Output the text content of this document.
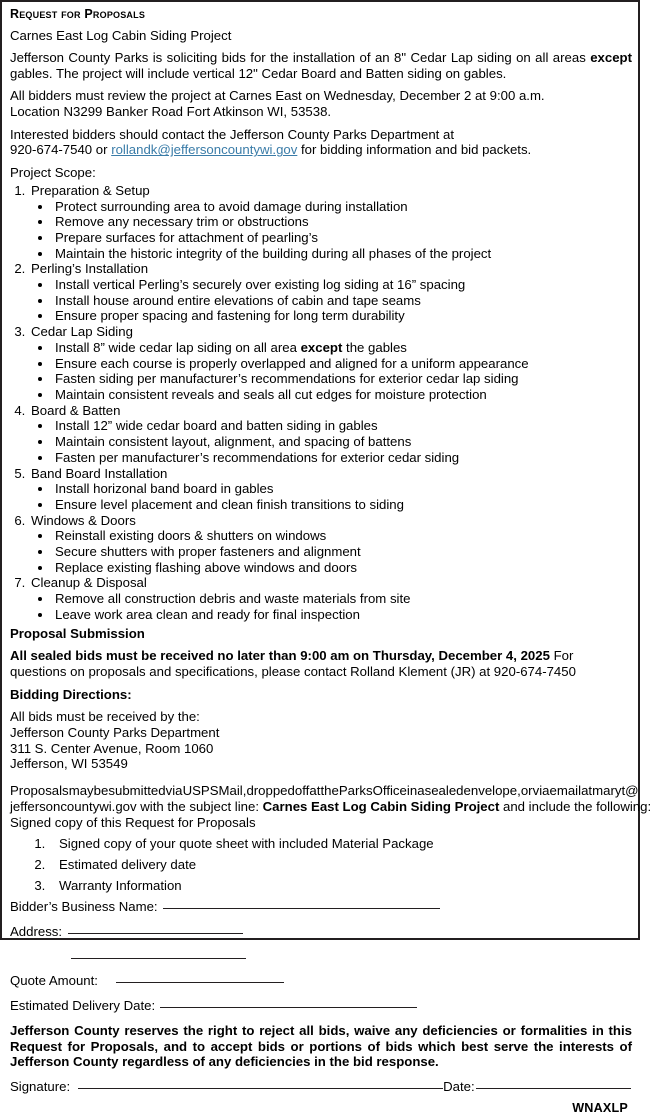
Request for Proposals
Carnes East Log Cabin Siding Project

Jefferson County Parks is soliciting bids for the installation of an 8" Cedar Lap siding on all areas except gables. The project will include vertical 12" Cedar Board and Batten siding on gables.

All bidders must review the project at Carnes East on Wednesday, December 2 at 9:00 a.m.
Location N3299 Banker Road Fort Atkinson WI, 53538.

Interested bidders should contact the Jefferson County Parks Department at
920-674-7540 or rollandk@jeffersoncountywi.gov for bidding information and bid packets.

Project Scope:
1. Preparation & Setup
• Protect surrounding area to avoid damage during installation
• Remove any necessary trim or obstructions
• Prepare surfaces for attachment of pearling’s
• Maintain the historic integrity of the building during all phases of the project
2. Perling’s Installation
• Install vertical Perling’s securely over existing log siding at 16” spacing
• Install house around entire elevations of cabin and tape seams
• Ensure proper spacing and fastening for long term durability
3. Cedar Lap Siding
• Install 8” wide cedar lap siding on all area except the gables
• Ensure each course is properly overlapped and aligned for a uniform appearance
• Fasten siding per manufacturer’s recommendations for exterior cedar lap siding
• Maintain consistent reveals and seals all cut edges for moisture protection
4. Board & Batten
• Install 12” wide cedar board and batten siding in gables
• Maintain consistent layout, alignment, and spacing of battens
• Fasten per manufacturer’s recommendations for exterior cedar siding
5. Band Board Installation
• Install horizonal band board in gables
• Ensure level placement and clean finish transitions to siding
6. Windows & Doors
• Reinstall existing doors & shutters on windows
• Secure shutters with proper fasteners and alignment
• Replace existing flashing above windows and doors
7. Cleanup & Disposal
• Remove all construction debris and waste materials from site
• Leave work area clean and ready for final inspection
Proposal Submission

All sealed bids must be received no later than 9:00 am on Thursday, December 4, 2025 For questions on proposals and specifications, please contact Rolland Klement (JR) at 920-674-7450

Bidding Directions:
All bids must be received by the:
Jefferson County Parks Department
311 S. Center Avenue, Room 1060
Jefferson, WI 53549

Proposals may be submitted via USPS Mail, dropped off at the Parks Office in a sealed envelope, or via email at maryt@
jeffersoncountywi.gov with the subject line: Carnes East Log Cabin Siding Project and include the following:
Signed copy of this Request for Proposals

1. Signed copy of your quote sheet with included Material Package
2. Estimated delivery date
3. Warranty Information
Bidder’s Business Name:
Address:
Quote Amount:
Estimated Delivery Date:

Jefferson County reserves the right to reject all bids, waive any deficiencies or formalities in this Request for Proposals, and to accept bids or portions of bids which best serve the interests of Jefferson County regardless of any deficiencies in the bid response.

Signature:	Date:
WNAXLP
